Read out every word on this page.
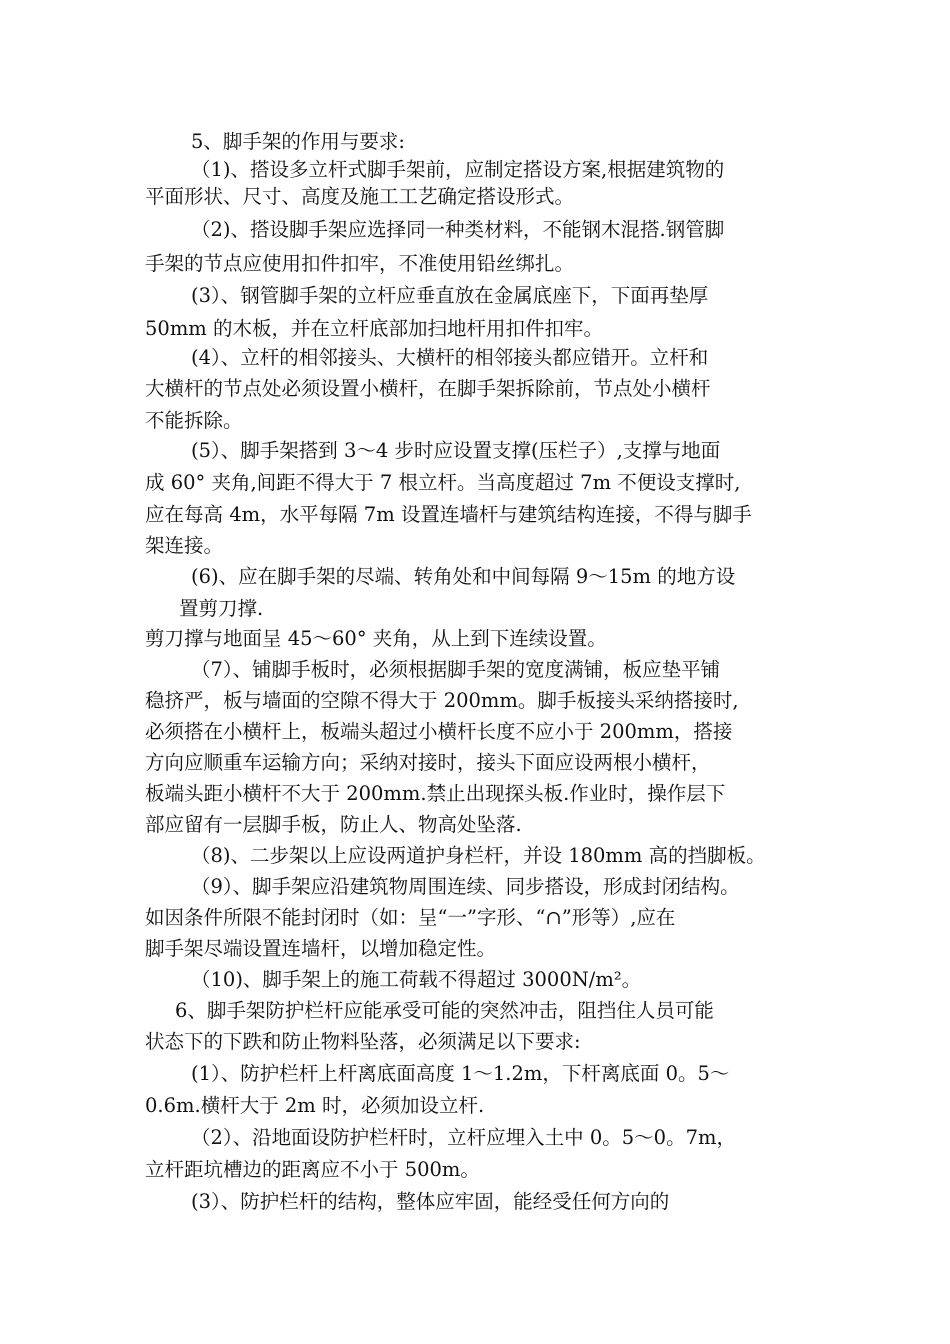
5、脚手架的作用与要求:
（1)、搭设多立杆式脚手架前，应制定搭设方案,根据建筑物的
平面形状、尺寸、高度及施工工艺确定搭设形式。
（2)、搭设脚手架应选择同一种类材料，不能钢木混搭.钢管脚
手架的节点应使用扣件扣牢，不准使用铅丝绑扎。
(3）、钢管脚手架的立杆应垂直放在金属底座下，下面再垫厚
50mm 的木板，并在立杆底部加扫地杆用扣件扣牢。
(4）、立杆的相邻接头、大横杆的相邻接头都应错开。立杆和
大横杆的节点处必须设置小横杆，在脚手架拆除前，节点处小横杆
不能拆除。
(5）、脚手架搭到 3～4 步时应设置支撑(压栏子）,支撑与地面
成 60° 夹角,间距不得大于 7 根立杆。当高度超过 7m 不便设支撑时,
应在每高 4m，水平每隔 7m 设置连墙杆与建筑结构连接，不得与脚手
架连接。
(6)、应在脚手架的尽端、转角处和中间每隔 9～15m 的地方设
置剪刀撑.
剪刀撑与地面呈 45～60° 夹角，从上到下连续设置。
（7）、铺脚手板时，必须根据脚手架的宽度满铺，板应垫平铺
稳挤严，板与墙面的空隙不得大于 200mm。脚手板接头采纳搭接时,
必须搭在小横杆上，板端头超过小横杆长度不应小于 200mm，搭接
方向应顺重车运输方向；采纳对接时，接头下面应设两根小横杆，
板端头距小横杆不大于 200mm.禁止出现探头板.作业时，操作层下
部应留有一层脚手板，防止人、物高处坠落.
（8)、二步架以上应设两道护身栏杆，并设 180mm 高的挡脚板。
（9）、脚手架应沿建筑物周围连续、同步搭设，形成封闭结构。
如因条件所限不能封闭时（如：呈“一”字形、“∩”形等）,应在
脚手架尽端设置连墙杆，以增加稳定性。
（10)、脚手架上的施工荷载不得超过 3000N/m²。
6、脚手架防护栏杆应能承受可能的突然冲击，阻挡住人员可能
状态下的下跌和防止物料坠落，必须满足以下要求:
(1）、防护栏杆上杆离底面高度 1～1.2m，下杆离底面 0。5～
0.6m.横杆大于 2m 时，必须加设立杆.
（2）、沿地面设防护栏杆时，立杆应埋入土中 0。5～0。7m，
立杆距坑槽边的距离应不小于 500m。
(3）、防护栏杆的结构，整体应牢固，能经受任何方向的
